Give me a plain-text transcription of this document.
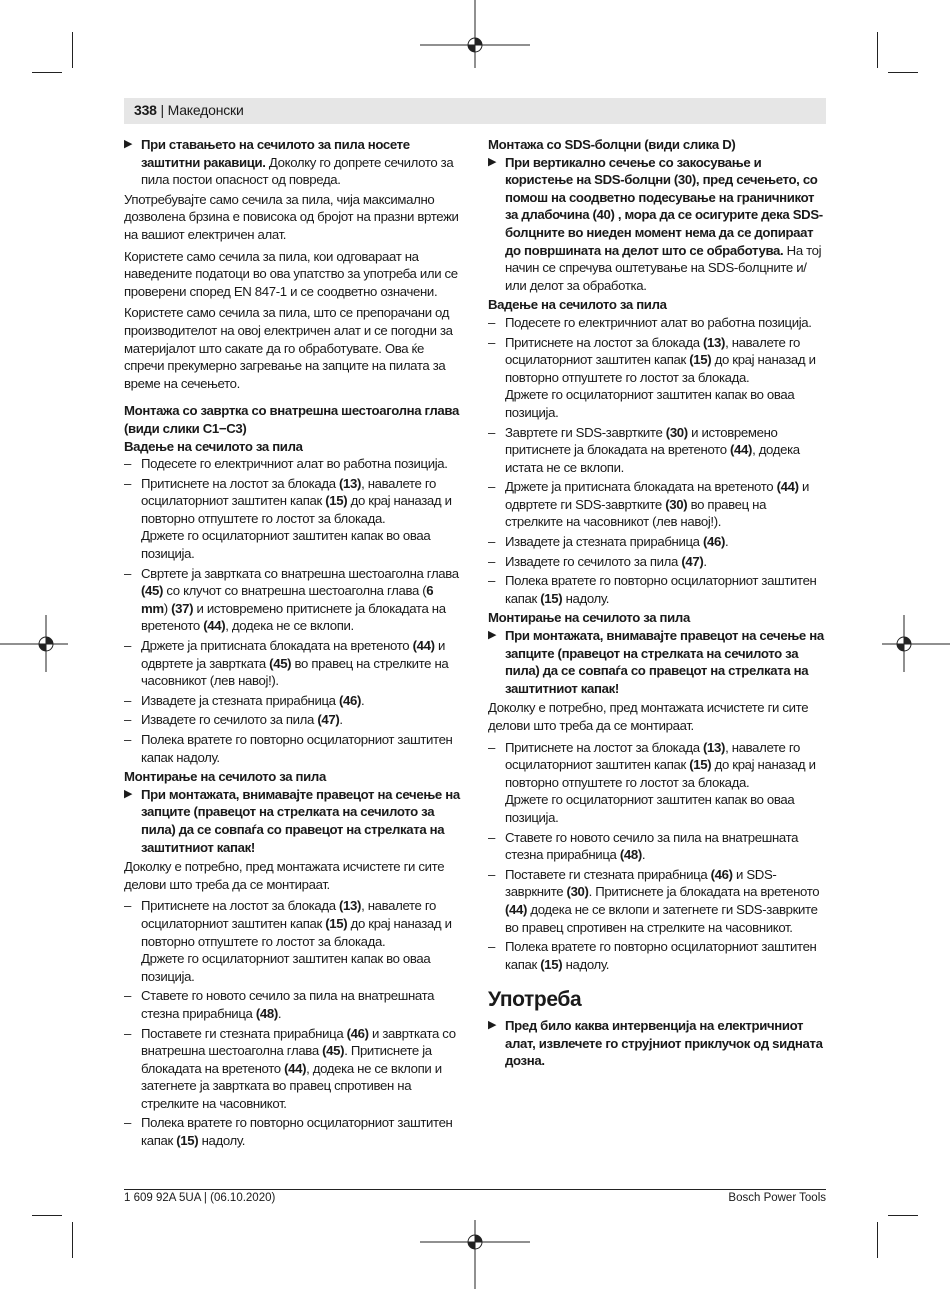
338 | Македонски
▶ При ставањето на сечилото за пила носете заштитни ракавици. Доколку го допрете сечилото за пила постои опасност од повреда.

Употребувајте само сечила за пила, чија максимално дозволена брзина е повисока од бројот на празни вртежи на вашиот електричен алат.

Користете само сечила за пила, кои одговараат на наведените податоци во ова упатство за употреба или се проверени според EN 847-1 и се соодветно означени.

Користете само сечила за пила, што се препорачани од производителот на овој електричен алат и се погодни за материјалот што сакате да го обработувате. Ова ќе спречи прекумерно загревање на запците на пилата за време на сечењето.

Монтажа со завртка со внатрешна шестоаголна глава (види слики C1−C3)
Вадење на сечилото за пила
– Подесете го електричниот алат во работна позиција.
– Притиснете на лостот за блокада (13), навалете го осцилаторниот заштитен капак (15) до крај наназад и повторно отпуштете го лостот за блокада.
Држете го осцилаторниот заштитен капак во оваа позиција.
– Свртете ја завртката со внатрешна шестоаголна глава (45) со клучот со внатрешна шестоаголна глава (6 mm) (37) и истовремено притиснете ја блокадата на вретеното (44), додека не се вклопи.
– Држете ја притисната блокадата на вретеното (44) и одвртете ја завртката (45) во правец на стрелките на часовникот (лев навој!).
– Извадете ја стезната прирабница (46).
– Извадете го сечилото за пила (47).
– Полека вратете го повторно осцилаторниот заштитен капак надолу.
Монтирање на сечилото за пила
▶ При монтажата, внимавајте правецот на сечење на запците (правецот на стрелката на сечилото за пила) да се совпаѓа со правецот на стрелката на заштитниот капак!

Доколку е потребно, пред монтажата исчистете ги сите делови што треба да се монтираат.

– Притиснете на лостот за блокада (13), навалете го осцилаторниот заштитен капак (15) до крај наназад и повторно отпуштете го лостот за блокада.
Држете го осцилаторниот заштитен капак во оваа позиција.
– Ставете го новото сечило за пила на внатрешната стезна прирабница (48).
– Поставете ги стезната прирабница (46) и завртката со внатрешна шестоаголна глава (45). Притиснете ја блокадата на вретеното (44), додека не се вклопи и затегнете ја завртката во правец спротивен на стрелките на часовникот.
– Полека вратете го повторно осцилаторниот заштитен капак (15) надолу.
Монтажа со SDS-болцни (види слика D)
▶ При вертикално сечење со закосување и користење на SDS-болцни (30), пред сечењето, со помош на соодветно подесување на граничникот за длабочина (40) , мора да се осигурите дека SDS-болцните во ниеден момент нема да се допираат до површината на делот што се обработува. На тој начин се спречува оштетување на SDS-болцните и/или делот за обработка.
Вадење на сечилото за пила
– Подесете го електричниот алат во работна позиција.
– Притиснете на лостот за блокада (13), навалете го осцилаторниот заштитен капак (15) до крај наназад и повторно отпуштете го лостот за блокада.
Држете го осцилаторниот заштитен капак во оваа позиција.
– Завртете ги SDS-завртките (30) и истовремено притиснете ја блокадата на вретеното (44), додека истата не се вклопи.
– Држете ја притисната блокадата на вретеното (44) и одвртете ги SDS-завртките (30) во правец на стрелките на часовникот (лев навој!).
– Извадете ја стезната прирабница (46).
– Извадете го сечилото за пила (47).
– Полека вратете го повторно осцилаторниот заштитен капак (15) надолу.
Монтирање на сечилото за пила
▶ При монтажата, внимавајте правецот на сечење на запците (правецот на стрелката на сечилото за пила) да се совпаѓа со правецот на стрелката на заштитниот капак!

Доколку е потребно, пред монтажата исчистете ги сите делови што треба да се монтираат.

– Притиснете на лостот за блокада (13), навалете го осцилаторниот заштитен капак (15) до крај наназад и повторно отпуштете го лостот за блокада.
Држете го осцилаторниот заштитен капак во оваа позиција.
– Ставете го новото сечило за пила на внатрешната стезна прирабница (48).
– Поставете ги стезната прирабница (46) и SDS-завркните (30). Притиснете ја блокадата на вретеното (44) додека не се вклопи и затегнете ги SDS-заврките во правец спротивен на стрелките на часовникот.
– Полека вратете го повторно осцилаторниот заштитен капак (15) надолу.
Употреба
▶ Пред било каква интервенција на електричниот алат, извлечете го струјниот приклучок од ѕидната дозна.
1 609 92A 5UA | (06.10.2020)	Bosch Power Tools
